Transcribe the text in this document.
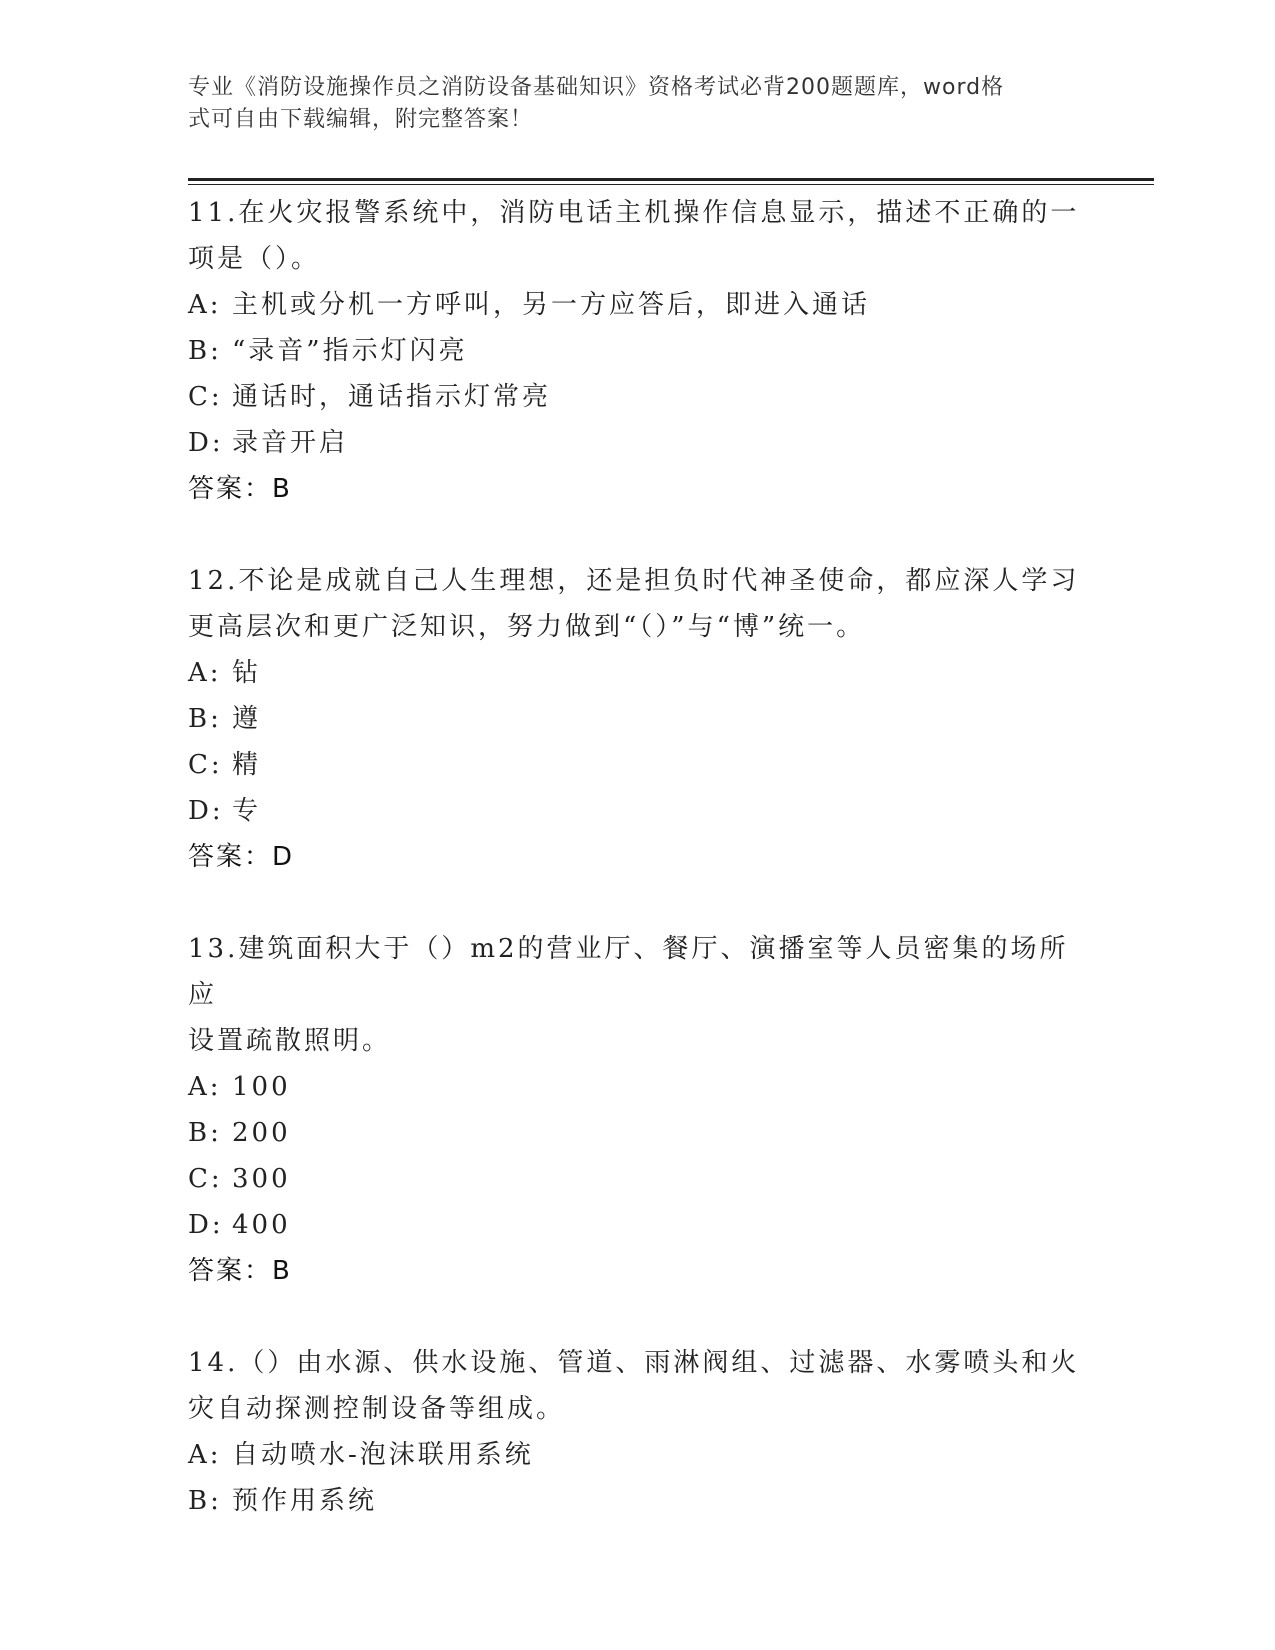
专业《消防设施操作员之消防设备基础知识》资格考试必背200题题库，word格
式可自由下载编辑，附完整答案！

11.在火灾报警系统中，消防电话主机操作信息显示，描述不正确的一

项是（）。

A: 主机或分机一方呼叫，另一方应答后，即进入通话

B: “录音”指示灯闪亮

C: 通话时，通话指示灯常亮

D: 录音开启

答案：B

12.不论是成就自己人生理想，还是担负时代神圣使命，都应深人学习

更高层次和更广泛知识，努力做到“（）”与“博”统一。

A: 钻

B: 遵

C: 精

D: 专

答案：D

13.建筑面积大于（）m2的营业厅、餐厅、演播室等人员密集的场所应

设置疏散照明。

A: 100

B: 200

C: 300

D: 400

答案：B

14.（）由水源、供水设施、管道、雨淋阀组、过滤器、水雾喷头和火

灾自动探测控制设备等组成。

A: 自动喷水-泡沫联用系统

B: 预作用系统
